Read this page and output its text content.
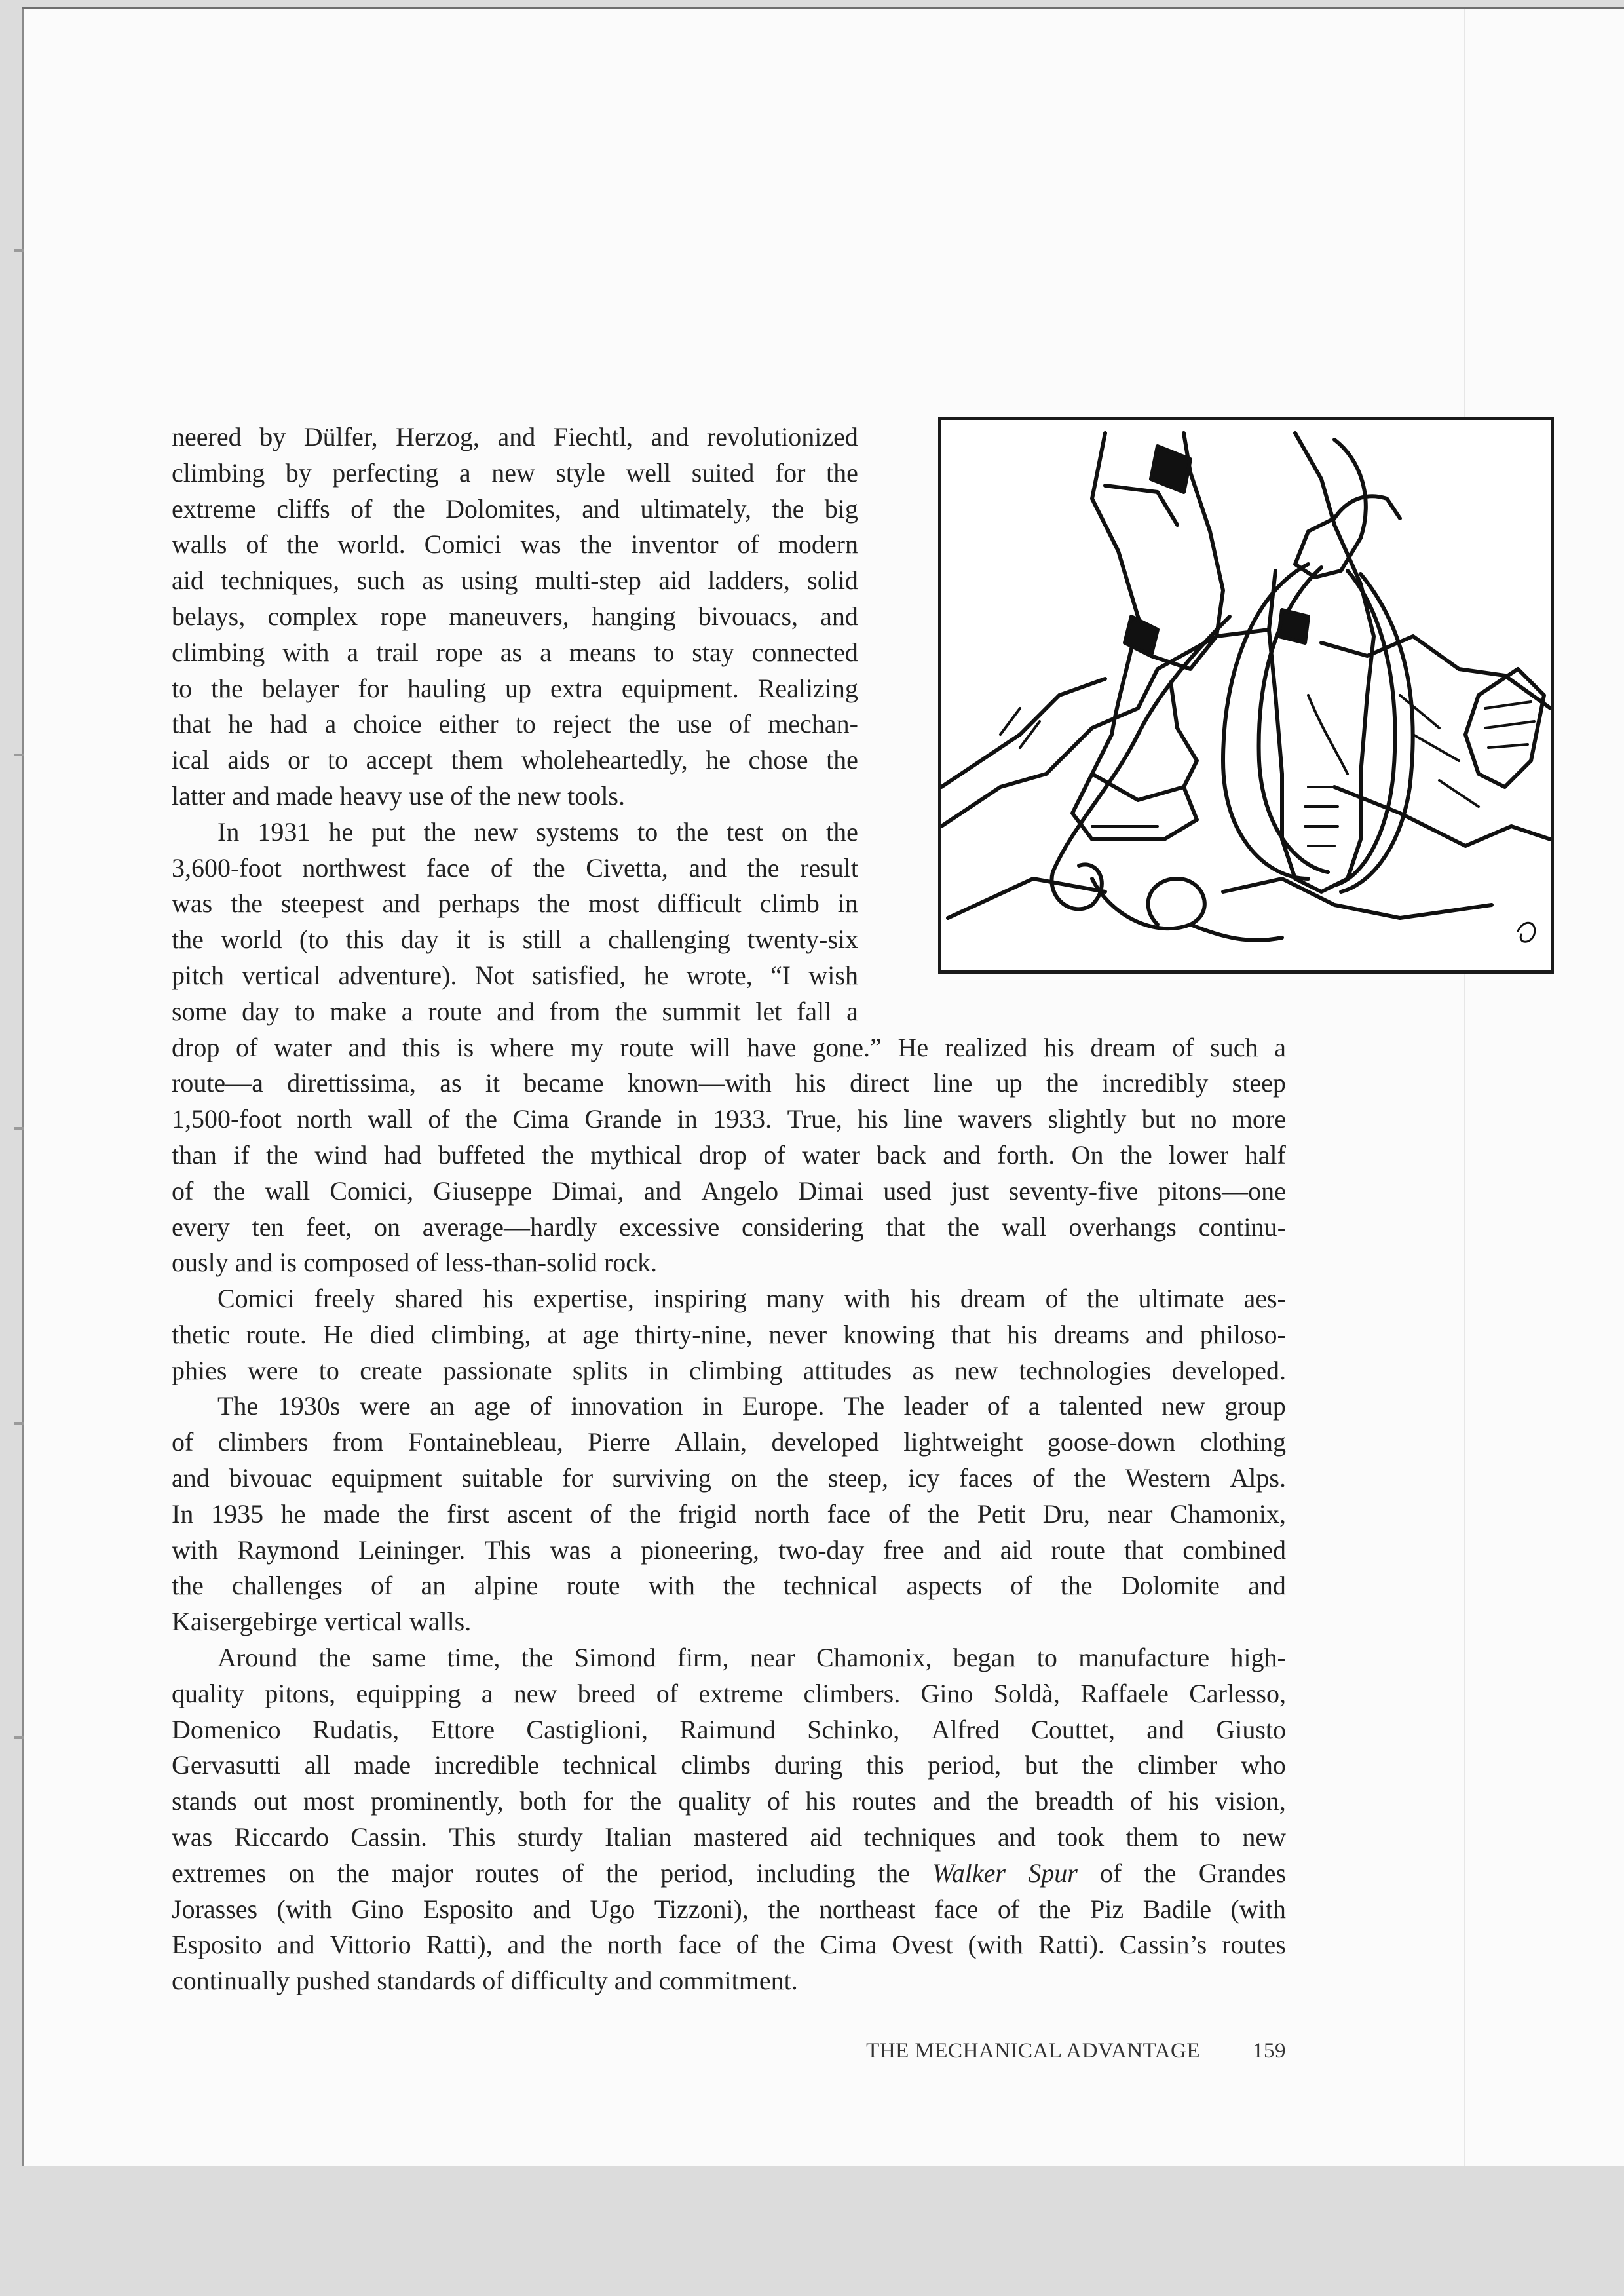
neered by Dülfer, Herzog, and Fiechtl, and revolutionized
climbing by perfecting a new style well suited for the
extreme cliffs of the Dolomites, and ultimately, the big
walls of the world. Comici was the inventor of modern
aid techniques, such as using multi-step aid ladders, solid
belays, complex rope maneuvers, hanging bivouacs, and
climbing with a trail rope as a means to stay connected
to the belayer for hauling up extra equipment. Realizing
that he had a choice either to reject the use of mechan-
ical aids or to accept them wholeheartedly, he chose the
latter and made heavy use of the new tools.
In 1931 he put the new systems to the test on the
3,600-foot northwest face of the Civetta, and the result
was the steepest and perhaps the most difficult climb in
the world (to this day it is still a challenging twenty-six
pitch vertical adventure). Not satisfied, he wrote, “I wish
some day to make a route and from the summit let fall a
drop of water and this is where my route will have gone.” He realized his dream of such a
route—a direttissima, as it became known—with his direct line up the incredibly steep
1,500-foot north wall of the Cima Grande in 1933. True, his line wavers slightly but no more
than if the wind had buffeted the mythical drop of water back and forth. On the lower half
of the wall Comici, Giuseppe Dimai, and Angelo Dimai used just seventy-five pitons—one
every ten feet, on average—hardly excessive considering that the wall overhangs continu-
ously and is composed of less-than-solid rock.
Comici freely shared his expertise, inspiring many with his dream of the ultimate aes-
thetic route. He died climbing, at age thirty-nine, never knowing that his dreams and philoso-
phies were to create passionate splits in climbing attitudes as new technologies developed.
The 1930s were an age of innovation in Europe. The leader of a talented new group
of climbers from Fontainebleau, Pierre Allain, developed lightweight goose-down clothing
and bivouac equipment suitable for surviving on the steep, icy faces of the Western Alps.
In 1935 he made the first ascent of the frigid north face of the Petit Dru, near Chamonix,
with Raymond Leininger. This was a pioneering, two-day free and aid route that combined
the challenges of an alpine route with the technical aspects of the Dolomite and
Kaisergebirge vertical walls.
Around the same time, the Simond firm, near Chamonix, began to manufacture high-
quality pitons, equipping a new breed of extreme climbers. Gino Soldà, Raffaele Carlesso,
Domenico Rudatis, Ettore Castiglioni, Raimund Schinko, Alfred Couttet, and Giusto
Gervasutti all made incredible technical climbs during this period, but the climber who
stands out most prominently, both for the quality of his routes and the breadth of his vision,
was Riccardo Cassin. This sturdy Italian mastered aid techniques and took them to new
extremes on the major routes of the period, including the Walker Spur of the Grandes
Jorasses (with Gino Esposito and Ugo Tizzoni), the northeast face of the Piz Badile (with
Esposito and Vittorio Ratti), and the north face of the Cima Ovest (with Ratti). Cassin’s routes
continually pushed standards of difficulty and commitment.
THE MECHANICAL ADVANTAGE 159
